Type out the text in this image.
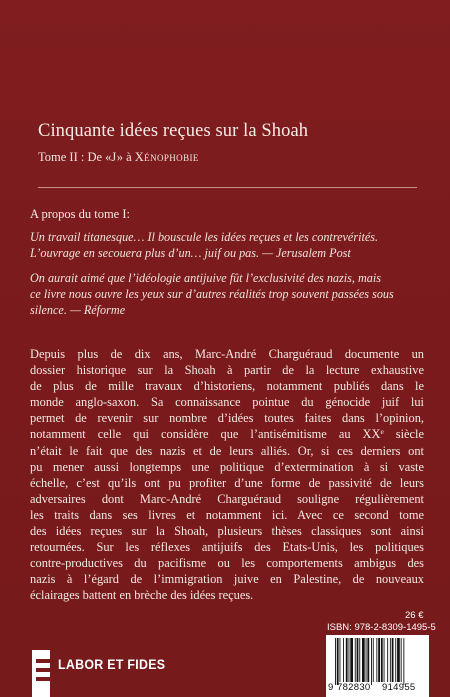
Cinquante idées reçues sur la Shoah
Tome II : De «J» à Xénophobie
A propos du tome I:
Un travail titanesque… Il bouscule les idées reçues et les contrevérités.
L’ouvrage en secouera plus d’un… juif ou pas. — Jerusalem Post
On aurait aimé que l’idéologie antijuive fût l’exclusivité des nazis, mais
ce livre nous ouvre les yeux sur d’autres réalités trop souvent passées sous
silence. — Réforme
Depuis plus de dix ans, Marc-André Charguéraud documente un
dossier historique sur la Shoah à partir de la lecture exhaustive
de plus de mille travaux d’historiens, notamment publiés dans le
monde anglo-saxon. Sa connaissance pointue du génocide juif lui
permet de revenir sur nombre d’idées toutes faites dans l’opinion,
notamment celle qui considère que l’antisémitisme au XXe siècle
n’était le fait que des nazis et de leurs alliés. Or, si ces derniers ont
pu mener aussi longtemps une politique d’extermination à si vaste
échelle, c’est qu’ils ont pu profiter d’une forme de passivité de leurs
adversaires dont Marc-André Charguéraud souligne régulièrement
les traits dans ses livres et notamment ici. Avec ce second tome
des idées reçues sur la Shoah, plusieurs thèses classiques sont ainsi
retournées. Sur les réflexes antijuifs des Etats-Unis, les politiques
contre-productives du pacifisme ou les comportements ambigus des
nazis à l’égard de l’immigration juive en Palestine, de nouveaux
éclairages battent en brèche des idées reçues.
26 €
ISBN: 978-2-8309-1495-5
9 782830 914955
LABOR ET FIDES
